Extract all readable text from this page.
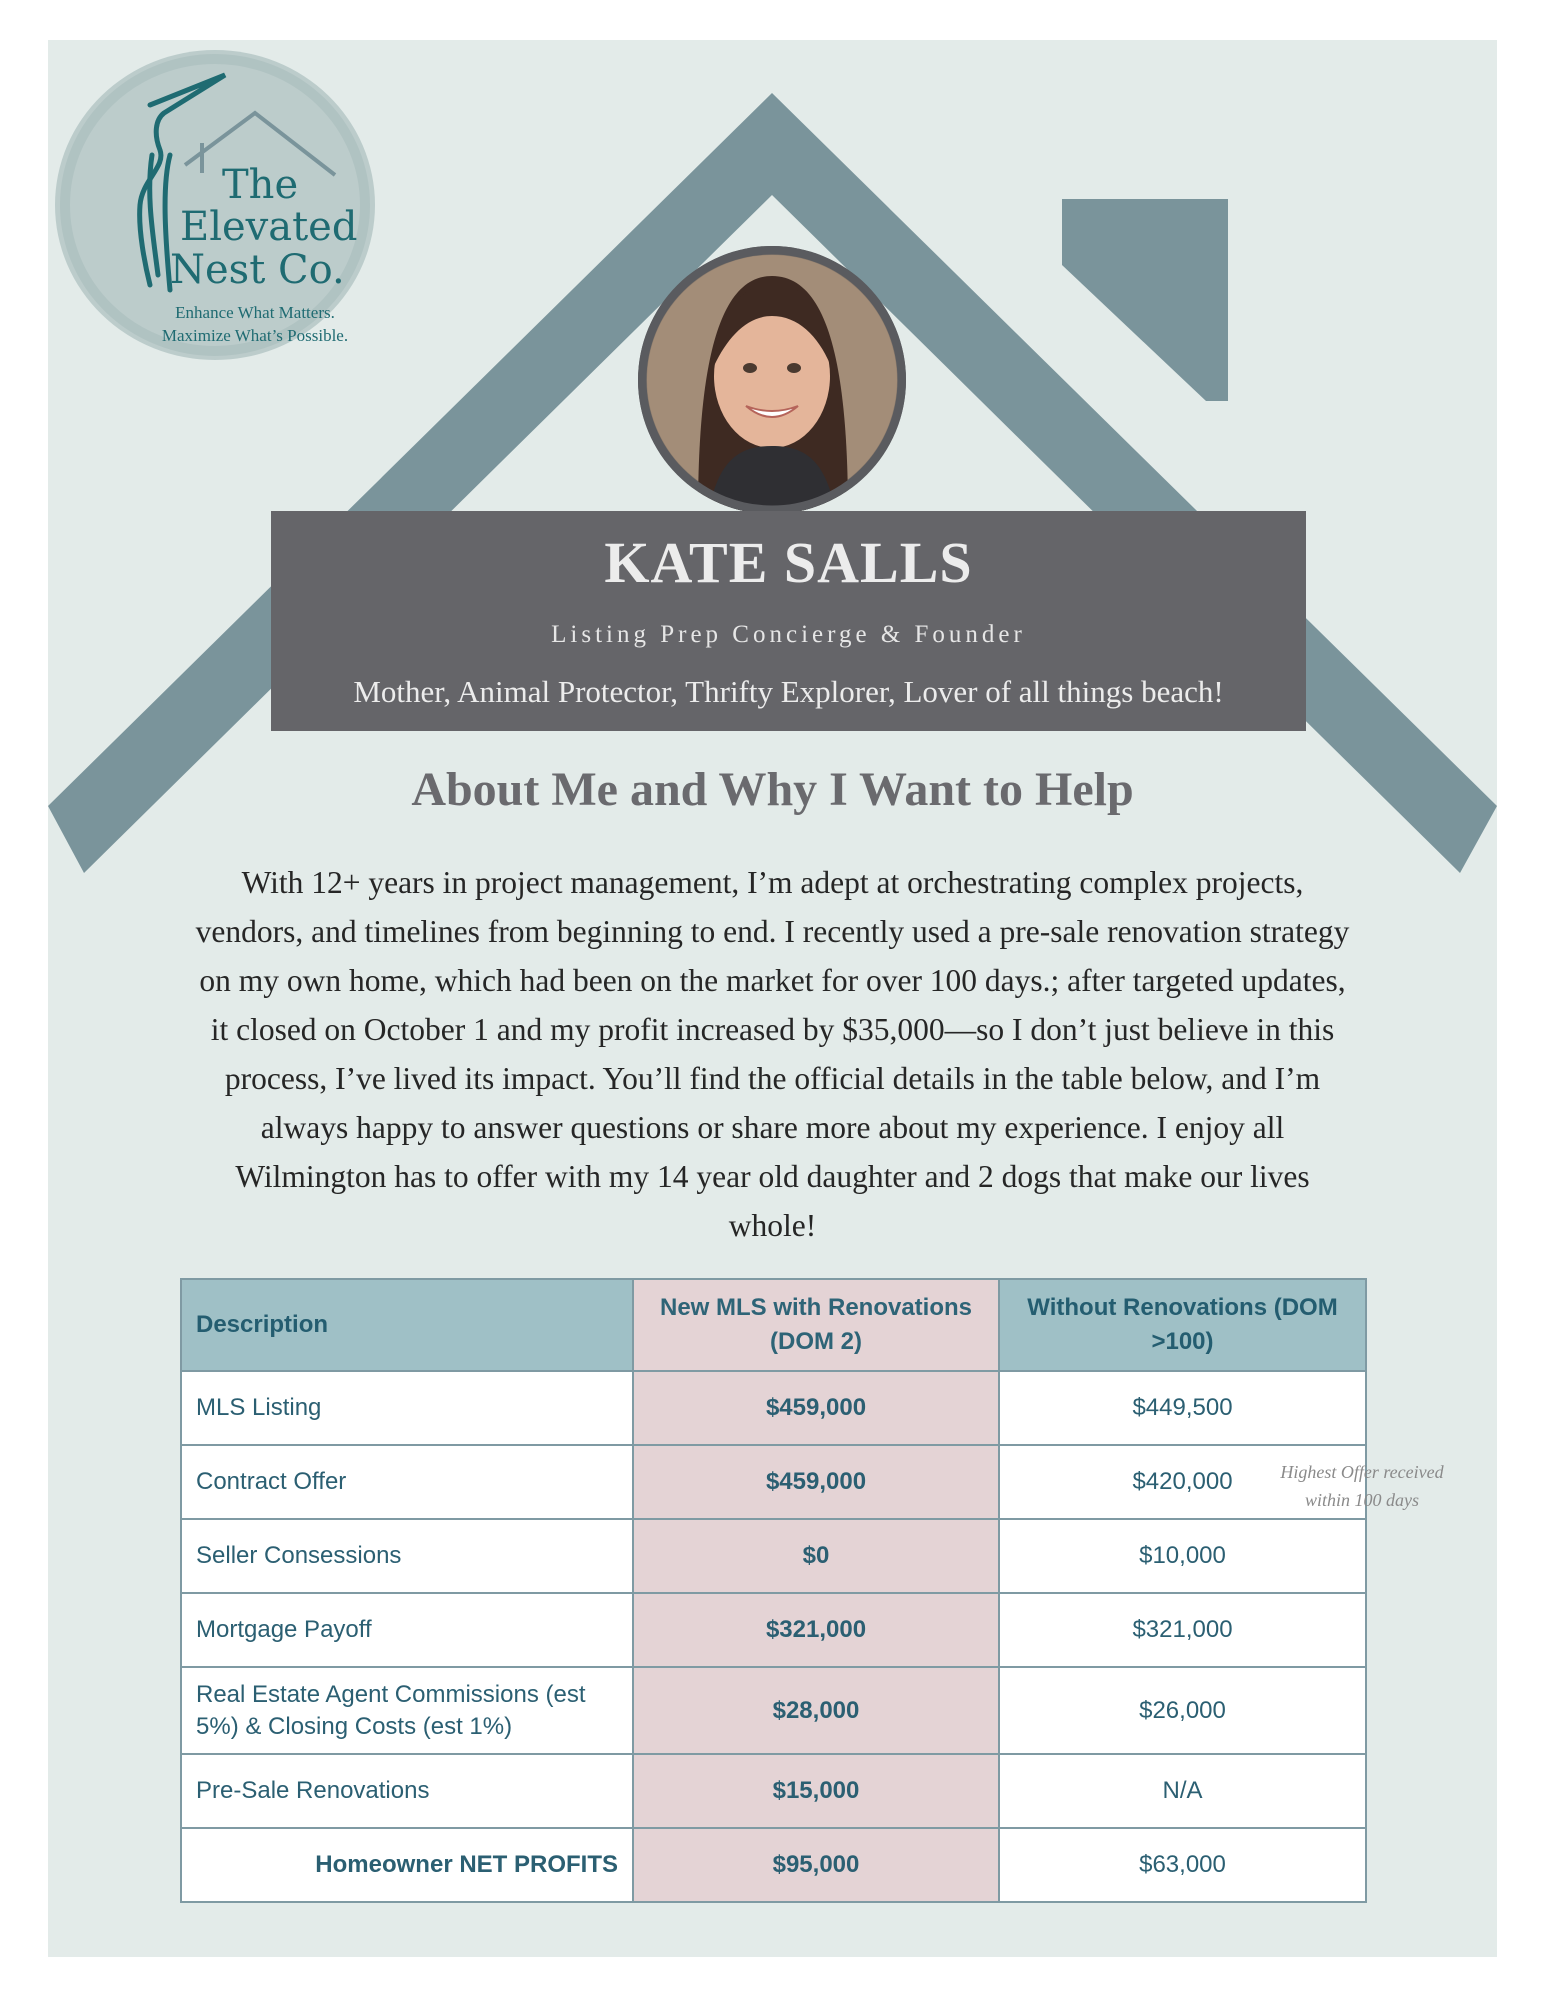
The
Elevated
Nest Co.
Enhance What Matters.
Maximize What’s Possible.
KATE SALLS
Listing Prep Concierge & Founder
Mother, Animal Protector, Thrifty Explorer, Lover of all things beach!
About Me and Why I Want to Help

With 12+ years in project management, I’m adept at orchestrating complex projects, vendors, and timelines from beginning to end. I recently used a pre-sale renovation strategy on my own home, which had been on the market for over 100 days.; after targeted updates, it closed on October 1 and my profit increased by $35,000—so I don’t just believe in this process, I’ve lived its impact. You’ll find the official details in the table below, and I’m always happy to answer questions or share more about my experience. I enjoy all Wilmington has to offer with my 14 year old daughter and 2 dogs that make our lives whole!

Description	New MLS with Renovations (DOM 2)	Without Renovations (DOM >100)
MLS Listing	$459,000	$449,500
Contract Offer	$459,000	$420,000
Seller Consessions	$0	$10,000
Mortgage Payoff	$321,000	$321,000
Real Estate Agent Commissions (est 5%) & Closing Costs (est 1%)	$28,000	$26,000
Pre-Sale Renovations	$15,000	N/A
Homeowner NET PROFITS	$95,000	$63,000
Highest Offer received within 100 days
